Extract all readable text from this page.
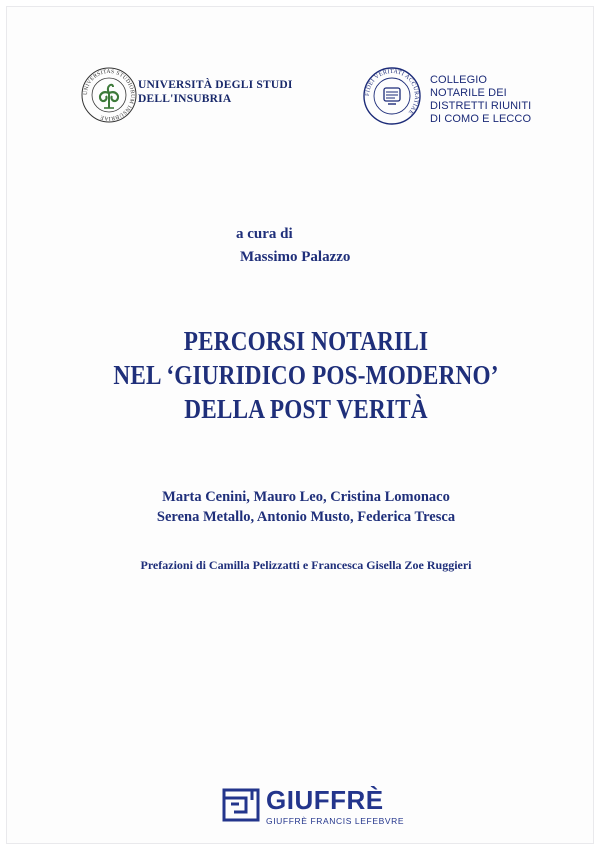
UNIVERSITAS STUDIORUM INSUBRIAE
UNIVERSITÀ DEGLI STUDI
DELL'INSUBRIA	FIDEI VERITATI ACCURATIAE
COLLEGIO
NOTARILE DEI
DISTRETTI RIUNITI
DI COMO E LECCO
a cura di
Massimo Palazzo
PERCORSI NOTARILI
NEL ‘GIURIDICO POS-MODERNO’
DELLA POST VERITÀ
Marta Cenini, Mauro Leo, Cristina Lomonaco
Serena Metallo, Antonio Musto, Federica Tresca
Prefazioni di Camilla Pelizzatti e Francesca Gisella Zoe Ruggieri
GIUFFRÈ
GIUFFRÈ FRANCIS LEFEBVRE
